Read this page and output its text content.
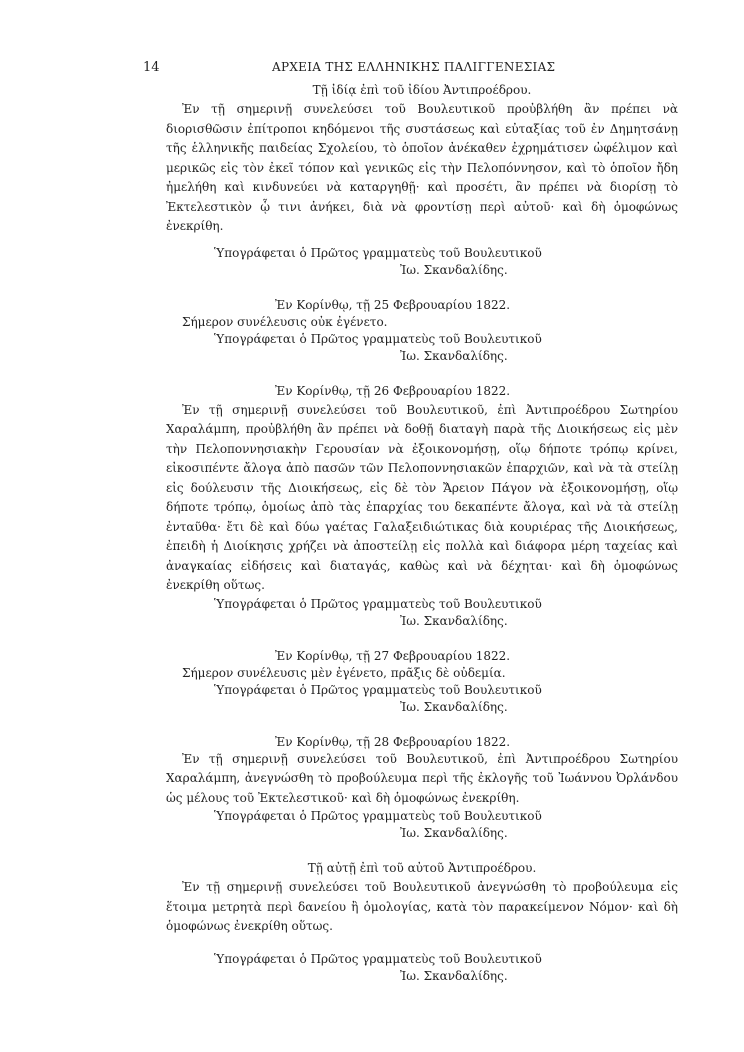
14	ΑΡΧΕΙΑ ΤΗΣ ΕΛΛΗΝΙΚΗΣ ΠΑΛΙΓΓΕΝΕΣΙΑΣ

Τῇ ἰδίᾳ ἐπὶ τοῦ ἰδίου Ἀντιπροέδρου.

Ἐν τῇ σημερινῇ συνελεύσει τοῦ Βουλευτικοῦ προὐβλήθη ἂν πρέπει νὰ διορισθῶσιν ἐπίτροποι κηδόμενοι τῆς συστάσεως καὶ εὐταξίας τοῦ ἐν Δημητσάνῃ τῆς ἑλληνικῆς παιδείας Σχολείου, τὸ ὁποῖον ἀνέκαθεν ἐχρημάτισεν ὠφέλιμον καὶ μερικῶς εἰς τὸν ἐκεῖ τόπον καὶ γενικῶς εἰς τὴν Πελοπόννησον, καὶ τὸ ὁποῖον ἤδη ἠμελήθη καὶ κινδυνεύει νὰ καταργηθῇ· καὶ προσέτι, ἂν πρέπει νὰ διορίσῃ τὸ Ἐκτελεστικὸν ᾧ τινι ἀνήκει, διὰ νὰ φροντίσῃ περὶ αὐτοῦ· καὶ δὴ ὁμοφώνως ἐνεκρίθη.

Ὑπογράφεται ὁ Πρῶτος γραμματεὺς τοῦ Βουλευτικοῦ

Ἰω. Σκανδαλίδης.

Ἐν Κορίνθῳ, τῇ 25 Φεβρουαρίου 1822.

Σήμερον συνέλευσις οὐκ ἐγένετο.

Ὑπογράφεται ὁ Πρῶτος γραμματεὺς τοῦ Βουλευτικοῦ

Ἰω. Σκανδαλίδης.

Ἐν Κορίνθῳ, τῇ 26 Φεβρουαρίου 1822.

Ἐν τῇ σημερινῇ συνελεύσει τοῦ Βουλευτικοῦ, ἐπὶ Ἀντιπροέδρου Σωτηρίου Χαραλάμπη, προὐβλήθη ἂν πρέπει νὰ δοθῇ διαταγὴ παρὰ τῆς Διοικήσεως εἰς μὲν τὴν Πελοποννησιακὴν Γερουσίαν νὰ ἐξοικονομήσῃ, οἵῳ δήποτε τρόπῳ κρίνει, εἰκοσιπέντε ἄλογα ἀπὸ πασῶν τῶν Πελοποννησιακῶν ἐπαρχιῶν, καὶ νὰ τὰ στείλῃ εἰς δούλευσιν τῆς Διοικήσεως, εἰς δὲ τὸν Ἄρειον Πάγον νὰ ἐξοικονομήσῃ, οἵῳ δήποτε τρόπῳ, ὁμοίως ἀπὸ τὰς ἐπαρχίας του δεκαπέντε ἄλογα, καὶ νὰ τὰ στείλῃ ἐνταῦθα· ἔτι δὲ καὶ δύω γαέτας Γαλαξειδιώτικας διὰ κουριέρας τῆς Διοικήσεως, ἐπειδὴ ἡ Διοίκησις χρήζει νὰ ἀποστείλῃ εἰς πολλὰ καὶ διάφορα μέρη ταχείας καὶ ἀναγκαίας εἰδήσεις καὶ διαταγάς, καθὼς καὶ νὰ δέχηται· καὶ δὴ ὁμοφώνως ἐνεκρίθη οὕτως.

Ὑπογράφεται ὁ Πρῶτος γραμματεὺς τοῦ Βουλευτικοῦ

Ἰω. Σκανδαλίδης.

Ἐν Κορίνθῳ, τῇ 27 Φεβρουαρίου 1822.

Σήμερον συνέλευσις μὲν ἐγένετο, πρᾶξις δὲ οὐδεμία.

Ὑπογράφεται ὁ Πρῶτος γραμματεὺς τοῦ Βουλευτικοῦ

Ἰω. Σκανδαλίδης.

Ἐν Κορίνθῳ, τῇ 28 Φεβρουαρίου 1822.

Ἐν τῇ σημερινῇ συνελεύσει τοῦ Βουλευτικοῦ, ἐπὶ Ἀντιπροέδρου Σωτηρίου Χαραλάμπη, ἀνεγνώσθη τὸ προβούλευμα περὶ τῆς ἐκλογῆς τοῦ Ἰωάννου Ὀρλάνδου ὡς μέλους τοῦ Ἐκτελεστικοῦ· καὶ δὴ ὁμοφώνως ἐνεκρίθη.

Ὑπογράφεται ὁ Πρῶτος γραμματεὺς τοῦ Βουλευτικοῦ

Ἰω. Σκανδαλίδης.

Τῇ αὐτῇ ἐπὶ τοῦ αὐτοῦ Ἀντιπροέδρου.

Ἐν τῇ σημερινῇ συνελεύσει τοῦ Βουλευτικοῦ ἀνεγνώσθη τὸ προβούλευμα εἰς ἕτοιμα μετρητὰ περὶ δανείου ἢ ὁμολογίας, κατὰ τὸν παρακείμενον Νόμον· καὶ δὴ ὁμοφώνως ἐνεκρίθη οὕτως.

Ὑπογράφεται ὁ Πρῶτος γραμματεὺς τοῦ Βουλευτικοῦ

Ἰω. Σκανδαλίδης.
